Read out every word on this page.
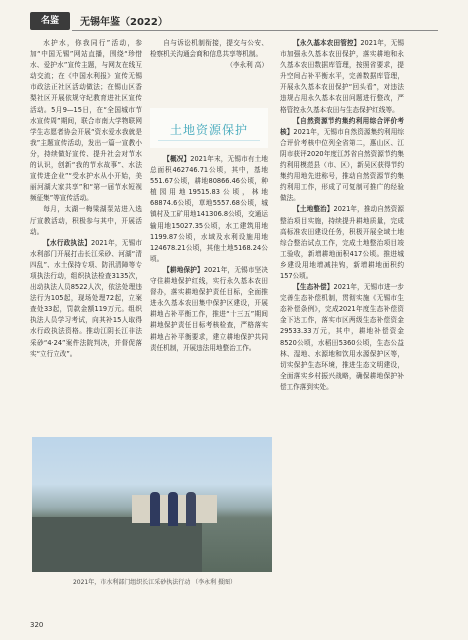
名鉴	无锡年鉴（2022）

水护水，你我同行”活动，参加“中国无锡”网站直播，围绕“珍惜水、爱护水”宣传主题，与网友在线互动交流；在《中国水利报》宣传无锡市政法正社区活动做法；在锡山区香梨社区开展依规守纪教育进社区宣传活动。5月9—15日，在“全国城市节水宣传周”期间，联合市南大学物联网学生志愿者协会开展“资水爱水我就是我”主题宣传活动，发出一篇一宣教小分，持续做好宣传、提升社会对节水的认识，创新“我的节水故事”、水法宣传进企业”“受水护水从小开始，美丽河湖大家共享”和“第一届节水短视频征集”等宣传活动。

每月，太湖一梅梁湖泵站进入选厅宣教活动，积极参与其中，开展活动。

【水行政执法】2021年，无锡市水利部门开展打击长江采砂、河湖“清四乱”、水土保持专项、防汛清障等专项执法行动，组织执法检查3135次，出动执法人员8522人次，依法处理违法行为105起，现场处理72起，立案查处33起，罚款金额119万元。组织执法人员学习考试，向其补15人取得水行政执法资格。推动江阴长江非法采砂“4·24”案件法院判决，并督促落实“立行立改”。

自与诉讼机制衔接，提交与公安、检察机关沟通会商和信息共享等机制。

（李永利 高）

土地资源保护

【概况】2021年末，无锡市有土地总面积462746.71公顷，其中，基地551.67公顷，耕地80866.46公顷，种植园用地19515.83公顷，林地68874.6公顷，草地5557.68公顷，城镇村及工矿用地141306.8公顷，交通运输用地15027.35公顷，水工建筑用地1199.87公顷，水域及水利设施用地124678.21公顷，其他土地5168.24公顷。

【耕地保护】2021年，无锡市坚决守住耕地保护红线，实行永久基本农田督办，落实耕地保护责任目标，全面推进永久基本农田集中保护区建设，开展耕地占补平衡工作，推进“十三五”期间耕地保护责任目标考核检查，严格落实耕地占补平衡要求，建立耕地保护共同责任机制，开展违法用地整治工作。

【永久基本农田管控】2021年，无锡市加强永久基本农田保护，落实耕地和永久基本农田数据库管理，按照省要求，提升空间占补平衡水平，完善数据库管理，开展永久基本农田保护“回头看”，对违法违规占用永久基本农田问题进行整改，严格管控永久基本农田与生态保护红线等。

【自然资源节约集约利用综合评价考核】2021年，无锡市自然资源集约利用综合评价考核中位列全省第二，惠山区、江阴市获评2020年度江苏省自然资源节约集约利用模范县（市、区），新吴区获得节约集约用地先进称号，推动自然资源节约集约利用工作，形成了可复制可推广的经验做法。

【土地整治】2021年，推动自然资源整治项目实施，持续提升耕地质量，完成高标准农田建设任务，积极开展全域土地综合整治试点工作，完成土地整治项目竣工验收，新增耕地面积417公顷。推进城乡建设用地增减挂钩，新增耕地面积约157公顷。

【生态补偿】2021年，无锡市进一步完善生态补偿机制，贯彻实施《无锡市生态补偿条例》，完成2021年度生态补偿资金下达工作，落实市区两级生态补偿资金29533.33万元，其中，耕地补偿资金8520公顷，水稻田5360公顷，生态公益林、湿地、水源地和饮用水源保护区等，切实保护生态环境，推进生态文明建设，全面落实乡村振兴战略，确保耕地保护补偿工作落到实处。

2021年，市水利部门组织长江采砂执法行动 （李永利 摄图）
320
